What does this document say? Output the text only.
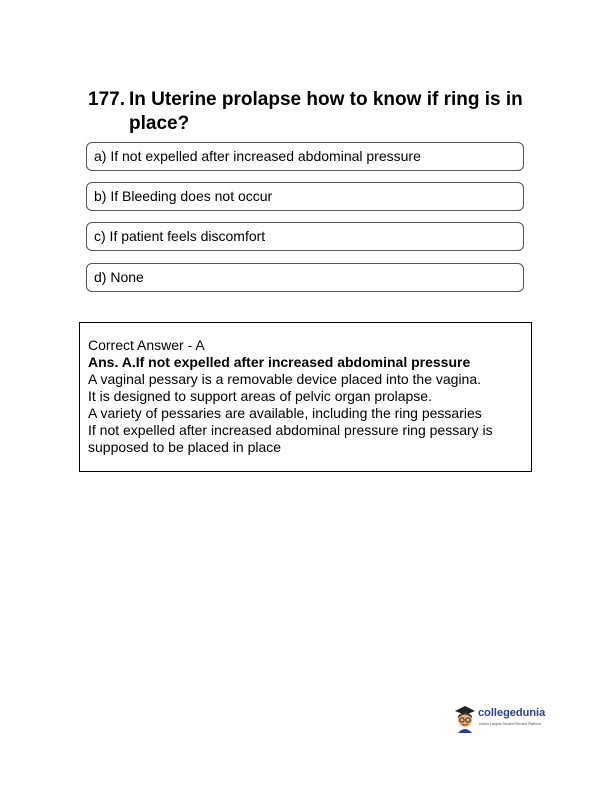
177. In Uterine prolapse how to know if ring is in place?
a) If not expelled after increased abdominal pressure
b) If Bleeding does not occur
c) If patient feels discomfort
d) None
Correct Answer - A
Ans. A.If not expelled after increased abdominal pressure
A vaginal pessary is a removable device placed into the vagina.
It is designed to support areas of pelvic organ prolapse.
A variety of pessaries are available, including the ring pessaries
If not expelled after increased abdominal pressure ring pessary is
supposed to be placed in place
collegedunia
India's Largest Student Review Platform
